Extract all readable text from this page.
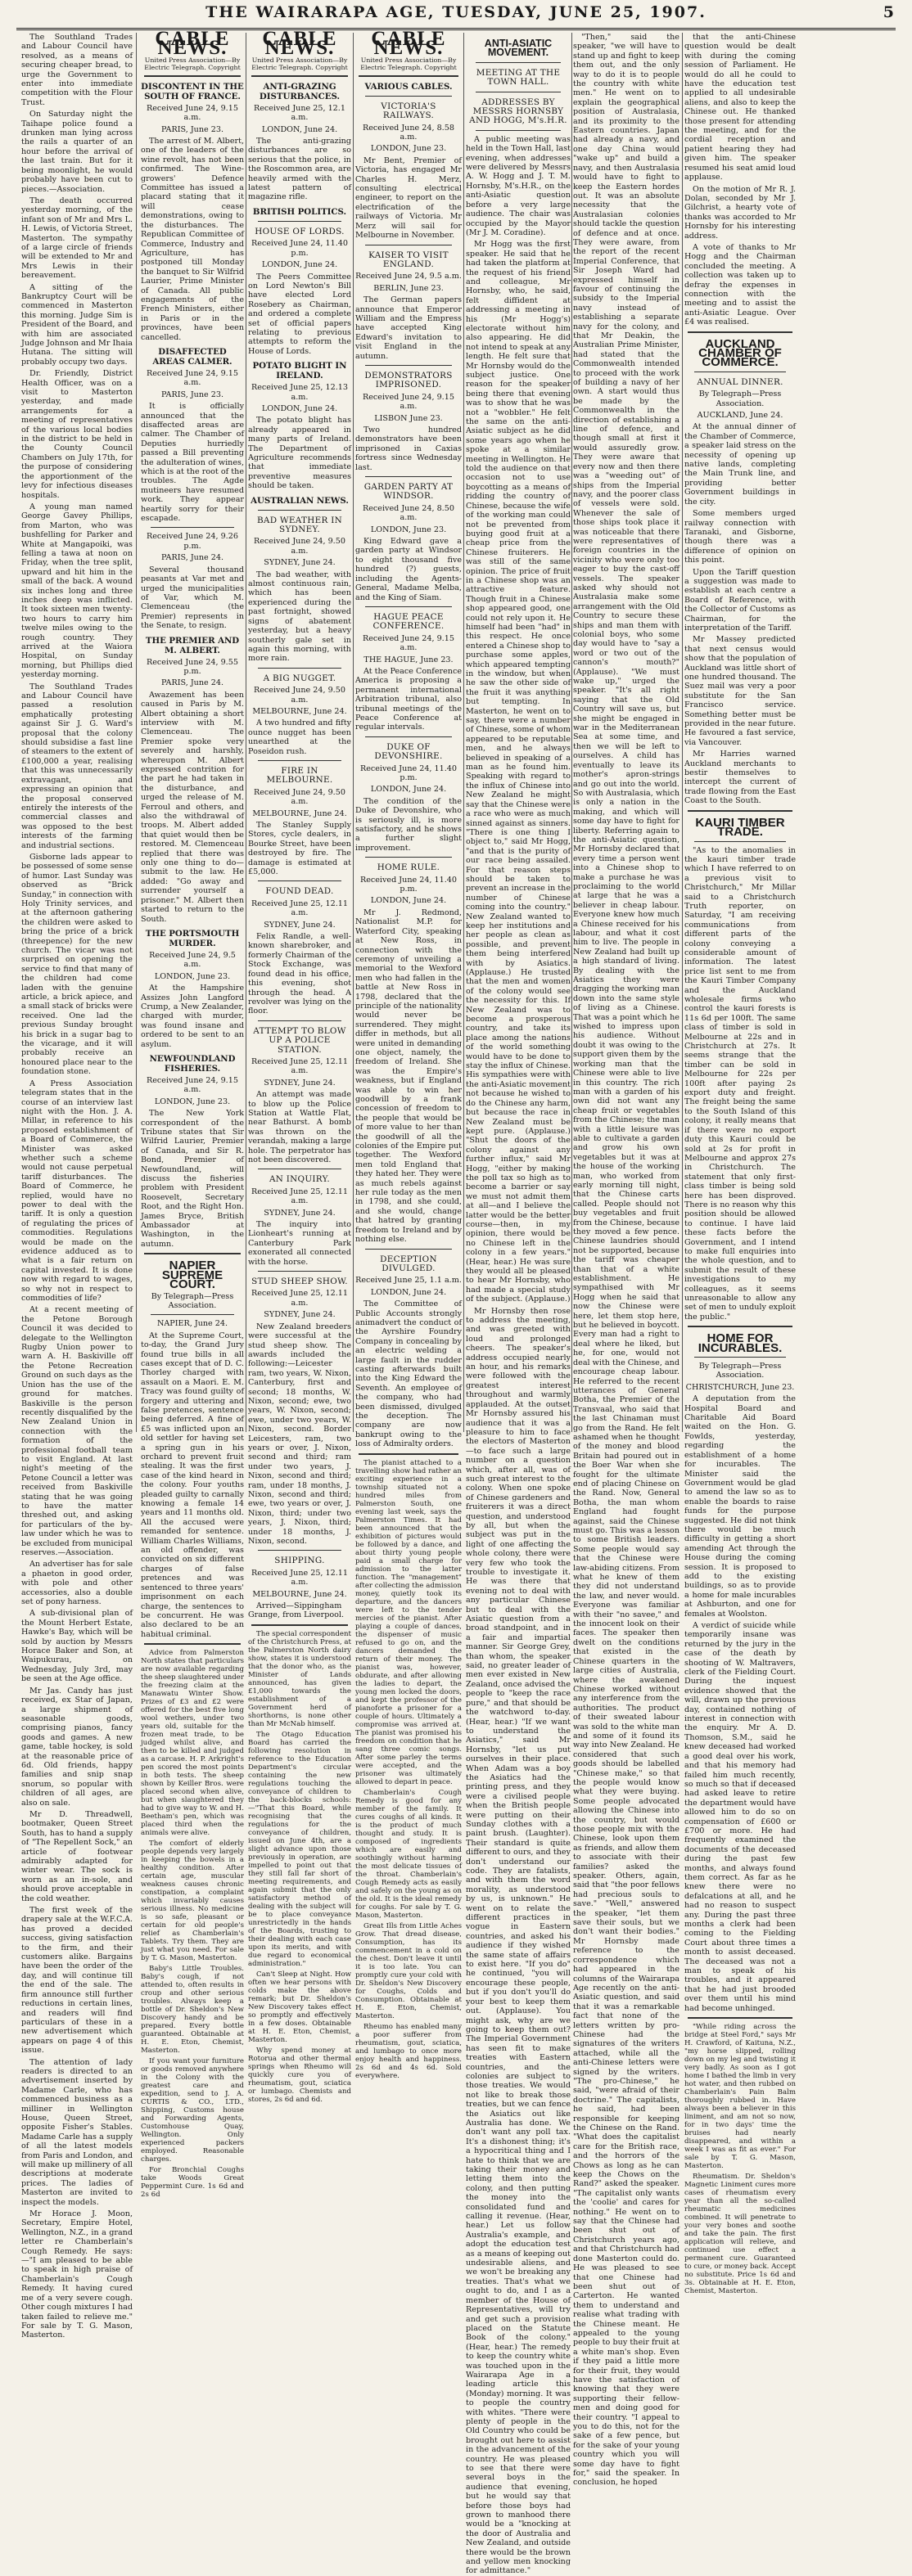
THE WAIRARAPA AGE, TUESDAY, JUNE 25, 1907.	5

The Southland Trades and Labour Council have resolved, as a means of securing cheaper bread, to urge the Government to enter into immediate competition with the Flour Trust.

On Saturday night the Taihape police found a drunken man lying across the rails a quarter of an hour before the arrival of the last train. But for it being moonlight, he would probably have been cut to pieces.—Association.

The death occurred yesterday morning, of the infant son of Mr and Mrs L. H. Lewis, of Victoria Street, Masterton. The sympathy of a large circle of friends will be extended to Mr and Mrs Lewis in their bereavement.

A sitting of the Bankruptcy Court will be commenced in Masterton this morning. Judge Sim is President of the Board, and with him are associated Judge Johnson and Mr Ihaia Hutana. The sitting will probably occupy two days.

Dr. Friendly, District Health Officer, was on a visit to Masterton yesterday, and made arrangements for a meeting of representatives of the various local bodies in the district to be held in the County Council Chambers on July 17th, for the purpose of considering the apportionment of the levy for infectious diseases hospitals.

A young man named George Gavey Phillips, from Marton, who was bushfelling for Parker and White at Mangapoiki, was felling a tawa at noon on Friday, when the tree split, upward and hit him in the small of the back. A wound six inches long and three inches deep was inflicted. It took sixteen men twenty-two hours to carry him twelve miles owing to the rough country. They arrived at the Waiora Hospital, on Sunday morning, but Phillips died yesterday morning.

The Southland Trades and Labour Council have passed a resolution emphatically protesting against Sir J. G. Ward's proposal that the colony should subsidise a fast line of steamers to the extent of £100,000 a year, realising that this was unnecessarily extravagant, and expressing an opinion that the proposal conserved entirely the interests of the commercial classes and was opposed to the best interests of the farming and industrial sections.

Gisborne lads appear to be possessed of some sense of humor. Last Sunday was observed as "Brick Sunday," in connection with Holy Trinity services, and at the afternoon gathering the children were asked to bring the price of a brick (threepence) for the new church. The vicar was not surprised on opening the service to find that many of the children had come laden with the genuine article, a brick apiece, and a small stack of bricks were received. One lad the previous Sunday brought his brick in a sugar bag to the vicarage, and it will probably receive an honoured place near to the foundation stone.

A Press Association telegram states that in the course of an interview last night with the Hon. J. A. Millar, in reference to his proposed establishment of a Board of Commerce, the Minister was asked whether such a scheme would not cause perpetual tariff disturbances. The Board of Commerce, he replied, would have no power to deal with the tariff. It is only a question of regulating the prices of commodities. Regulations would be made on the evidence adduced as to what is a fair return on capital invested. It is done now with regard to wages, so why not in respect to commodities of life?

At a recent meeting of the Petone Borough Council it was decided to delegate to the Wellington Rugby Union power to warn A. H. Baskiville off the Petone Recreation Ground on such days as the Union has the use of the ground for matches. Baskiville is the person recently disqualified by the New Zealand Union in connection with the formation of the professional football team to visit England. At last night's meeting of the Petone Council a letter was received from Baskiville stating that he was going to have the matter threshed out, and asking for particulars of the by-law under which he was to be excluded from municipal reserves.—Association.

An advertiser has for sale a phaeton in good order, with pole and other accessories, also a double set of pony harness.

A sub-divisional plan of the Mount Herbert Estate, Hawke's Bay, which will be sold by auction by Messrs Horace Baker and Son, at Waipukurau, on Wednesday, July 3rd, may be seen at the Age office.

Mr Jas. Candy has just received, ex Star of Japan, a large shipment of seasonable goods, comprising pianos, fancy goods and games. A new game, table hockey, is sold at the reasonable price of 6d. Old friends, happy families and snip snap snorum, so popular with children of all ages, are also on sale.

Mr D. Threadwell, bootmaker, Queen Street South, has to hand a supply of "The Repellent Sock," an article of footwear admirably adapted for winter wear. The sock is worn as an in-sole, and should prove acceptable in the cold weather.

The first week of the drapery sale at the W.F.C.A. has proved a decided success, giving satisfaction to the firm, and their customers alike. Bargains have been the order of the day, and will continue till the end of the sale. The firm announce still further reductions in certain lines, and readers will find particulars of these in a new advertisement which appears on page 4 of this issue.

The attention of lady readers is directed to an advertisement inserted by Madame Carle, who has commenced business as a milliner in Wellington House, Queen Street, opposite Fisher's Stables. Madame Carle has a supply of all the latest models from Paris and London, and will make up millinery of all descriptions at moderate prices. The ladies of Masterton are invited to inspect the models.

Mr Horace J. Moon, Secretary, Empire Hotel, Wellington, N.Z., in a grand letter re Chamberlain's Cough Remedy. He says:—"I am pleased to be able to speak in high praise of Chamberlain's Cough Remedy. It having cured me of a very severe cough. Other cough mixtures I had taken failed to relieve me." For sale by T. G. Mason, Masterton.

CABLE NEWS.
United Press Association—By Electric Telegraph. Copyright
DISCONTENT IN THE SOUTH OF FRANCE.
Received June 24, 9.15 a.m.
PARIS, June 23.

The arrest of M. Albert, one of the leaders of the wine revolt, has not been confirmed. The Wine-growers' Defence Committee has issued a placard stating that it will cease demonstrations, owing to the disturbances. The Republican Committee of Commerce, Industry and Agriculture, has postponed till Monday the banquet to Sir Wilfrid Laurier, Prime Minister of Canada. All public engagements of the French Ministers, either in Paris or in the provinces, have been cancelled.

DISAFFECTED AREAS CALMER.
Received June 24, 9.15 a.m.
PARIS, June 23.

It is officially announced that the disaffected areas are calmer. The Chamber of Deputies hurriedly passed a Bill preventing the adulteration of wines, which is at the root of the troubles. The Agde mutineers have resumed work. They appear heartily sorry for their escapade.

Received June 24, 9.26 p.m.
PARIS, June 24.

Several thousand peasants at Var met and urged the municipalities of Var, which M. Clemenceau (the Premier) represents in the Senate, to resign.

THE PREMIER AND M. ALBERT.
Received June 24, 9.55 p.m.
PARIS, June 24.

Awazement has been caused in Paris by M. Albert obtaining a short interview with M. Clemenceau. The Premier spoke very severely and harshly, whereupon M. Albert expressed contrition for the part he had taken in the disturbance, and urged the release of M. Ferroul and others, and also the withdrawal of troops. M. Albert added that quiet would then be restored. M. Clemenceau replied that there was only one thing to do—submit to the law. He added: "Go away and surrender yourself a prisoner." M. Albert then started to return to the South.

THE PORTSMOUTH MURDER.
Received June 24, 9.5 a.m.
LONDON, June 23.

At the Hampshire Assizes John Langford Crump, a New Zealander, charged with murder, was found insane and ordered to be sent to an asylum.

NEWFOUNDLAND FISHERIES.
Received June 24, 9.15 a.m.
LONDON, June 23.

The New York correspondent of the Tribune states that Sir Wilfrid Laurier, Premier of Canada, and Sir R. Bond, Premier of Newfoundland, will discuss the fisheries problem with President Roosevelt, Secretary Root, and the Right Hon. James Bryce, British Ambassador at Washington, in the autumn.

NAPIER SUPREME COURT.
By Telegraph—Press Association.
NAPIER, June 24.

At the Supreme Court, to-day, the Grand Jury found true bills in all cases except that of D. C. Thorley charged with assault on a Maori. E. M. Tracy was found guilty of forgery and uttering and false pretences, sentence being deferred. A fine of £5 was inflicted upon an old settler for having set a spring gun in his orchard to prevent fruit stealing. It was the first case of the kind heard in the colony. Four youths pleaded guilty to carnally knowing a female 14 years and 11 months old. All the accused were remanded for sentence. William Charles Williams, an old offender, was convicted on six different charges of false pretences and was sentenced to three years' imprisonment on each charge, the sentences to be concurrent. He was also declared to be an habitual criminal.

Advice from Palmerston North states that particulars are now available regarding the sheep slaughtered under the freezing claim at the Manawatu Winter Show. Prizes of £3 and £2 were offered for the best five long wool wethers, under two years old, suitable for the frozen meat trade, to be judged whilst alive, and then to be killed and judged as a carcase. H. P. Arkright's pen scored the most points in both tests. The sheep shown by Keiller Bros. were placed second when alive, but when slaughtered they had to give way to W. and H. Beetham's pen, which was placed third when the animals were alive.

The comfort of elderly people depends very largely in keeping the bowels in a healthy condition. After certain age, muscular weakness causes chronic constipation, a complaint which invariably causes serious illness. No medicine is so safe, pleasant or certain for old people's relief as Chamberlain's Tablets. Try them. They are just what you need. For sale by T. G. Mason, Masterton.

Baby's Little Troubles. Baby's cough, if not attended to, often results in croup and other serious troubles. Always keep a bottle of Dr. Sheldon's New Discovery handy and be prepared. Every bottle guaranteed. Obtainable at H. E. Eton, Chemist, Masterton.

If you want your furniture or goods removed anywhere in the Colony with the greatest care and expedition, send to J. A. CURTIS & CO., LTD., Shipping, Customs house and Forwarding Agents, Customhouse Quay, Wellington. Only experienced packers employed. Reasonable charges.

For Bronchial Coughs take Woods Great Peppermint Cure. 1s 6d and 2s 6d

CABLE NEWS.
United Press Association—By Electric Telegraph. Copyright
ANTI-GRAZING DISTURBANCES.
Received June 25, 12.1 a.m.
LONDON, June 24.

The anti-grazing disturbances are so serious that the police, in the Roscommon area, are heavily armed with the latest pattern of magazine rifle.

BRITISH POLITICS.
HOUSE OF LORDS.
Received June 24, 11.40 p.m.
LONDON, June 24.

The Peers Committee on Lord Newton's Bill have elected Lord Rosebery as Chairman, and ordered a complete set of official papers relating to previous attempts to reform the House of Lords.

POTATO BLIGHT IN IRELAND.
Received June 25, 12.13 a.m.
LONDON, June 24.

The potato blight has already appeared in many parts of Ireland. The Department of Agriculture recommends that immediate preventive measures should be taken.

AUSTRALIAN NEWS.
BAD WEATHER IN SYDNEY.
Received June 24, 9.50 a.m.
SYDNEY, June 24.

The bad weather, with almost continuous rain, which has been experienced during the past fortnight, showed signs of abatement yesterday, but a heavy southerly gale set in again this morning, with more rain.

A BIG NUGGET.
Received June 24, 9.50 a.m.
MELBOURNE, June 24.

A two hundred and fifty ounce nugget has been unearthed at the Poseidon rush.

FIRE IN MELBOURNE.
Received June 24, 9.50 a.m.
MELBOURNE, June 24.

The Stanley Supply Stores, cycle dealers, in Bourke Street, have been destroyed by fire. The damage is estimated at £5,000.

FOUND DEAD.
Received June 25, 12.11 a.m.
SYDNEY, June 24.

Felix Randle, a well-known sharebroker, and formerly Chairman of the Stock Exchange, was found dead in his office, this evening, shot through the head. A revolver was lying on the floor.

ATTEMPT TO BLOW UP A POLICE STATION.
Received June 25, 12.11 a.m.
SYDNEY, June 24.

An attempt was made to blow up the Police Station at Wattle Flat, near Bathurst. A bomb was thrown on the verandah, making a large hole. The perpetrator has not been discovered.

AN INQUIRY.
Received June 25, 12.11 a.m.
SYDNEY, June 24.

The inquiry into Lionheart's running at Canterbury Park exonerated all connected with the horse.

STUD SHEEP SHOW.
Received June 25, 12.11 a.m.
SYDNEY, June 24.

New Zealand breeders were successful at the stud sheep show. The awards included the following:—Leicester ram, two years, W. Nixon, Canterbury, first and second; 18 months, W. Nixon, second; ewe, two years, W. Nixon, second; ewe, under two years, W. Nixon, second. Border Leicesters, ram, two years or over, J. Nixon, second and third; ram under two years, J. Nixon, second and third; ram, under 18 months, J. Nixon, second and third; ewe, two years or over, J. Nixon, third; under two years, J. Nixon, third; under 18 months, J. Nixon, second.

SHIPPING.
Received June 25, 12.11 a.m.
MELBOURNE, June 24.

Arrived—Sippingham Grange, from Liverpool.

The special correspondent of the Christchurch Press, at the Palmerston North dairy show, states it is understood that the donor who, as the Minister of Lands announced, has given £1,000 towards the establishment of a Government herd of shorthorns, is none other than Mr McNab himself.

The Otago Education Board has carried the following resolution in reference to the Education Department's circular containing the new regulations touching the conveyance of children to the back-blocks schools:—"That this Board, while recognising that the regulations for the conveyance of children, issued on June 4th, are a slight advance upon those previously in operation, are impelled to point out that they still fall far short of meeting requirements, and again submit that the only satisfactory method of dealing with the subject will be to place conveyance unrestrictedly in the hands of the Boards, trusting to their dealing with each case upon its merits, and with due regard to economical administration."

Can't Sleep at Night. How often we hear persons with colds make the above remark; but Dr. Sheldon's New Discovery takes effect so promptly and effectively in a few doses. Obtainable at H. E. Eton, Chemist, Masterton.

Why spend money at Rotorua and other thermal springs when Rheumo will quickly cure you of rheumatism, gout, sciatica or lumbago. Chemists and stores, 2s 6d and 6d.

CABLE NEWS.
United Press Association—By Electric Telegraph. Copyright
VARIOUS CABLES.
VICTORIA'S RAILWAYS.
Received June 24, 8.58 a.m.
LONDON, June 23.

Mr Bent, Premier of Victoria, has engaged Mr Charles H. Merz, consulting electrical engineer, to report on the electrification of the railways of Victoria. Mr Merz will sail for Melbourne in November.

KAISER TO VISIT ENGLAND.
Received June 24, 9.5 a.m.
BERLIN, June 23.

The German papers announce that Emperor William and the Empress have accepted King Edward's invitation to visit England in the autumn.

DEMONSTRATORS IMPRISONED.
Received June 24, 9.15 a.m.
LISBON June 23.

Two hundred demonstrators have been imprisoned in Caxias fortress since Wednesday last.

GARDEN PARTY AT WINDSOR.
Received June 24, 8.50 a.m.
LONDON, June 23.

King Edward gave a garden party at Windsor to eight thousand five hundred (?) guests, including the Agents-General, Madame Melba, and the King of Siam.

HAGUE PEACE CONFERENCE.
Received June 24, 9.15 a.m.
THE HAGUE, June 23.

At the Peace Conference America is proposing a permanent international Arbitration tribunal, also tribunal meetings of the Peace Conference at regular intervals.

DUKE OF DEVONSHIRE.
Received June 24, 11.40 p.m.
LONDON, June 24.

The condition of the Duke of Devonshire, who is seriously ill, is more satisfactory, and he shows a further slight improvement.

HOME RULE.
Received June 24, 11.40 p.m.
LONDON, June 24.

Mr J. Redmond, Nationalist M.P. for Waterford City, speaking at New Ross, in connection with the ceremony of unveiling a memorial to the Wexford men who had fallen in the battle at New Ross in 1798, declared that the principle of the nationality would never be surrendered. They might differ in methods, but all were united in demanding one object, namely, the freedom of Ireland. She was the Empire's weakness, but if England was able to win her goodwill by a frank concession of freedom to the people that would be of more value to her than the goodwill of all the colonies of the Empire put together. The Wexford men told England that they hated her. They were as much rebels against her rule today as the men in 1798, and she could, and she would, change that hatred by granting freedom to Ireland and by nothing else.

DECEPTION DIVULGED.
Received June 25, 1.1 a.m.
LONDON, June 24.

The Committee of Public Accounts strongly animadvert the conduct of the Ayrshire Foundry Company in concealing by an electric welding a large fault in the rudder casting afterwards built into the King Edward the Seventh. An employee of the company, who had been dismissed, divulged the deception. The company are now bankrupt owing to the loss of Admiralty orders.

The pianist attached to a travelling show had rather an exciting experience in a township situated not a hundred miles from Palmerston South, one evening last week, says the Palmerston Times. It had been announced that the exhibition of pictures would be followed by a dance, and about thirty young people paid a small charge for admission to the latter function. The "management" after collecting the admission money, quietly took its departure, and the dancers were left to the tender mercies of the pianist. After playing a couple of dances, the dispenser of music refused to go on, and the dancers demanded the return of their money. The pianist was, however, obdurate, and after allowing the ladies to depart, the young men locked the doors, and kept the professor of the pianoforte a prisoner for a couple of hours. Ultimately a compromise was arrived at. The pianist was promised his freedom on condition that he sang three comic songs. After some parley the terms were accepted, and the prisoner was ultimately allowed to depart in peace.

Chamberlain's Cough Remedy is good for any member of the family. It cures coughs of all kinds. It is the product of much thought and study. It is composed of ingredients which are easily and soothingly without harming the most delicate tissues of the throat. Chamberlain's Cough Remedy acts as easily and safely on the young as on the old. It is the ideal remedy for coughs. For sale by T. G. Mason, Masterton.

Great Ills from Little Aches Grow. That dread disease, Consumption, has its commencement in a cold on the chest. Don't leave it until it is too late. You can promptly cure your cold with Dr. Sheldon's New Discovery for Coughs, Colds and Consumption. Obtainable at H. E. Eton, Chemist, Masterton.

Rheumo has enabled many a poor sufferer from rheumatism, gout, sciatica, and lumbago to once more enjoy health and happiness. 2s 6d and 4s 6d. Sold everywhere.

ANTI-ASIATIC MOVEMENT.
MEETING AT THE TOWN HALL.
ADDRESSES BY MESSRS HORNSBY AND HOGG, M's.H.R.

A public meeting was held in the Town Hall, last evening, when addresses were delivered by Messrs A. W. Hogg and J. T. M. Hornsby, M's.H.R., on the anti-Asiatic question before a very large audience. The chair was occupied by the Mayor (Mr J. M. Coradine).

Mr Hogg was the first speaker. He said that he had taken the platform at the request of his friend and colleague, Mr Hornsby, who, he said, felt diffident at addressing a meeting in his (Mr Hogg's) electorate without him also appearing. He did not intend to speak at any length. He felt sure that Mr Hornsby would do the subject justice. One reason for the speaker being there that evening was to show that he was not a "wobbler." He felt the same on the anti-Asiatic subject as he did some years ago when he spoke at a similar meeting in Wellington. He told the audience on that occasion not to use boycotting as a means of ridding the country of Chinese, because the wife of the working man could not be prevented from buying good fruit at a cheap price from the Chinese fruiterers. He was still of the same opinion. The price of fruit in a Chinese shop was an attractive feature. Though fruit in a Chinese shop appeared good, one could not rely upon it. He himself had been "had" in this respect. He once entered a Chinese shop to purchase some apples, which appeared tempting in the window, but when he saw the other side of the fruit it was anything but tempting. In Masterton, he went on to say, there were a number of Chinese, some of whom appeared to be reputable men, and he always believed in speaking of a man as he found him. Speaking with regard to the influx of Chinese into New Zealand he might say that the Chinese were a race who were as much sinned against as sinners. "There is one thing I object to," said Mr Hogg, "and that is the purity of our race being assailed. For that reason steps should be taken to prevent an increase in the number of Chinese coming into the country." New Zealand wanted to keep her institutions and her people as clean as possible, and prevent them being interfered with by Asiatics. (Applause.) He trusted that the men and women of the colony would see the necessity for this. If New Zealand was to become a prosperous country, and take its place among the nations of the world something would have to be done to stay the influx of Chinese. His sympathies were with the anti-Asiatic movement not because he wished to do the Chinese any harm, but because the race in New Zealand must be kept pure. (Applause.) "Shut the doors of the colony against any further influx," said Mr Hogg, "either by making the poll tax so high as to become a barrier or say we must not admit them at all—and I believe the latter would be the better course—then, in my opinion, there would be no Chinese left in the colony in a few years." (Hear, hear.) He was sure they would all be pleased to hear Mr Hornsby, who had made a special study of the subject. (Applause.)

Mr Hornsby then rose to address the meeting, and was greeted with loud and prolonged cheers. The speaker's address occupied nearly an hour, and his remarks were followed with the greatest interest throughout and warmly applauded. At the outset Mr Hornsby assured his audience that it was a pleasure to him to face the electors of Masterton—to face such a large number on a question which, after all, was of such great interest to the colony. When one spoke of Chinese gardeners and fruiterers it was a direct question, and understood by all, but when the subject was put in the light of one affecting the whole colony, there were very few who took the trouble to investigate it. He was there that evening not to deal with any particular Chinese but to deal with the Asiatic question from a broad standpoint, and in a fair and impartial manner. Sir George Grey, than whom, the speaker said, no greater leader of men ever existed in New Zealand, once advised the people to "keep the race pure," and that should be the watchword to-day. (Hear, hear.) "If we want to understand the Asiatics," said Mr Hornsby, "let us put ourselves in their place. When Adam was a boy the Asiatics had the printing press, and they were a civilised people when the British people were putting on their Sunday clothes with a paint brush. (Laughter). Their standard is quite different to ours, and they don't understand our code. They are fatalists, and with them the word morality, as understood by us, is unknown." He went on to relate the different practices in vogue in Eastern countries, and asked his audience if they wished the same state of affairs to exist here. "If you do" he continued, "you will encourage these people, but if you don't you'll do your best to keep them out. (Applause). You might ask, why are we going to keep them out? The Imperial Government has seen fit to make treaties with Eastern countries, and the colonies are subject to those treaties. We would not like to break those treaties, but we can fence the Asiatics out like Australia has done. We don't want any poll tax. It's a dishonest thing; it's a hypocritical thing and I hate to think that we are taking their money and letting them into the colony, and then putting the money into the consolidated fund and calling it revenue. (Hear, hear.) Let us follow Australia's example, and adopt the education test as a means of keeping out undesirable aliens, and we won't be breaking any treaties. That's what we ought to do, and I as a member of the House of Representatives, will try and get such a provision placed on the Statute Book of the colony." (Hear, hear.) The remedy to keep the country white was touched upon in the Wairarapa Age in a leading article this (Monday) morning. It was to people the country with whites. "There were plenty of people in the Old Country who could be brought out here to assist in the advancement of the country. He was pleased to see that there were several boys in the audience that evening, but he would say that before those boys had grown to manhood there would be a "knocking at the door of Australia and New Zealand, and outside there would be the brown and yellow men knocking for admittance."

"Then," said the speaker, "we will have to stand up and fight to keep them out, and the only way to do it is to people the country with white men." He went on to explain the geographical position of Australasia, and its proximity to the Eastern countries. Japan had already a navy, and one day China would "wake up" and build a navy, and then Australasia would have to fight to keep the Eastern hordes out. It was an absolute necessity that the Australasian colonies should tackle the question of defence and at once. They were aware, from the report of the recent Imperial Conference, that Sir Joseph Ward had expressed himself in favour of continuing the subsidy to the Imperial navy instead of establishing a separate navy for the colony, and that Mr Deakin, the Australian Prime Minister, had stated that the Commonwealth intended to proceed with the work of building a navy of her own. A start would thus be made by the Commonwealth in the direction of establishing a line of defence, and though small at first it would assuredly grow. They were aware that every now and then there was a "weeding out" of ships from the Imperial navy, and the poorer class of vessels were sold. Whenever the sale of those ships took place it was noticeable that there were representatives of foreign countries in the vicinity who were only too eager to buy the cast-off vessels. The speaker asked why should not Australasia make some arrangement with the Old Country to secure these ships and man them with colonial boys, who some day would have to "say a word or two out of the cannon's mouth?" (Applause). "We must wake up," urged the speaker. "It's all right saying that the Old Country will save us, but she might be engaged in war in the Mediterranean Sea at some time, and then we will be left to ourselves. A child has eventually to leave its mother's apron-strings and go out into the world. So with Australasia, which is only a nation in the making, and which will some day have to fight for liberty. Referring again to the anti-Asiatic question, Mr Hornsby declared that every time a person went into a Chinese shop to make a purchase he was proclaiming to the world at large that he was a believer in cheap labour. Everyone knew how much a Chinese received for his labour, and what it cost him to live. The people in New Zealand had built up a high standard of living. By dealing with the Asiatics they were dragging the working man down into the same style of living as a Chinese. That was a point which he wished to impress upon his audience. Without doubt it was owing to the support given them by the working man that the Chinese were able to live in this country. The rich man with a garden of his own did not want any cheap fruit or vegetables from the Chinese; the man with a little leisure was able to cultivate a garden and grow his own vegetables but it was at the house of the working man, who worked from early morning till night, that the Chinese carts called. People should not buy vegetables and fruit from the Chinese, because they moved a few pence. Chinese laundries should not be supported, because the tariff was cheaper than that of a white establishment. He sympathised with Mr Hogg when he said that now the Chinese were here, let them stop here, but he believed in boycott. Every man had a right to deal where he liked, but he, for one, would not deal with the Chinese, and encourage cheap labour. He referred to the recent utterances of General Botha, the Premier of the Transvaal, who said that the last Chinaman must go from the Rand. He felt ashamed when he thought of the money and blood Britain had poured out in the Boer War when she fought for the ultimate end of placing Chinese on the Rand. Now, General Botha, the man whom England had fought against, said the Chinese must go. This was a lesson to some British leaders. Some people would say that the Chinese were law-abiding citizens. From what he knew of them they did not understand the law, and never would. Everyone was familiar with their "no savee," and the innocent look on their faces. The speaker then dwelt on the conditions that existed in the Chinese quarters in the large cities of Australia, where the awakened Chinese worked without any interference from the authorities. The product of their sweated labour was sold to the white man and some of it found its way into New Zealand. He considered that such goods should be labelled "Chinese make," so that the people would know what they were buying. Some people advocated allowing the Chinese into the country, but would those people mix with the Chinese, look upon them as friends, and allow them to associate with their families? asked the speaker. Others, again, said that "the poor fellows had precious souls to save." "Well," answered the speaker, "let them save their souls, but we don't want their bodies." Mr Hornsby made reference to the correspondence which had appeared in the columns of the Wairarapa Age recently on the anti-Asiatic question, and said that it was a remarkable fact that none of the letters written by pro-Chinese had the signatures of the writers attached, while all the anti-Chinese letters were signed by the writers. "The pro-Chinese," he said, "were afraid of their doctrine." The capitalists, he said, had been responsible for keeping the Chinese on the Rand. "What does the capitalist care for the British race, and the horrors of the Chows as long as he can keep the Chows on the Rand?" asked the speaker. "The capitalist only wants the 'coolie' and cares for nothing." He went on to say that the Chinese had been shut out of Christchurch years ago, and that Christchurch had done Masterton could do. He was pleased to see that one Chinese had been shut out of Carterton. He wanted them to understand and realise what trading with the Chinese meant. He appealed to the young people to buy their fruit at a white man's shop. Even if they paid a little more for their fruit, they would have the satisfaction of knowing that they were supporting their fellow-men and doing good for their country. "I appeal to you to do this, not for the sake of a few pence, but for the sake of your young country which you will some day have to fight for," said the speaker. In conclusion, he hoped

that the anti-Chinese question would be dealt with during the coming session of Parliament. He would do all he could to have the education test applied to all undesirable aliens, and also to keep the Chinese out. He thanked those present for attending the meeting, and for the cordial reception and patient hearing they had given him. The speaker resumed his seat amid loud applause.

On the motion of Mr R. J. Dolan, seconded by Mr J. Gilchrist, a hearty vote of thanks was accorded to Mr Hornsby for his interesting address.

A vote of thanks to Mr Hogg and the Chairman concluded the meeting. A collection was taken up to defray the expenses in connection with the meeting and to assist the anti-Asiatic League. Over £4 was realised.

AUCKLAND CHAMBER OF COMMERCE.
ANNUAL DINNER.
By Telegraph—Press Association.
AUCKLAND, June 24.

At the annual dinner of the Chamber of Commerce, a speaker laid stress on the necessity of opening up native lands, completing the Main Trunk line, and providing better Government buildings in the city.

Some members urged railway connection with Taranaki, and Gisborne, though there was a difference of opinion on this point.

Upon the Tariff question a suggestion was made to establish at each centre a Board of Reference, with the Collector of Customs as Chairman, for the interpretation of the Tariff.

Mr Massey predicted that next census would show that the population of Auckland was little short of one hundred thousand. The Suez mail was very a poor substitute for the San Francisco service. Something better must be provided in the near future. He favoured a fast service, via Vancouver.

Mr Harries warned Auckland merchants to bestir themselves to intercept the current of trade flowing from the East Coast to the South.

KAURI TIMBER TRADE.

"As to the anomalies in the kauri timber trade which I have referred to on a previous visit to Christchurch," Mr Millar said to a Christchurch Truth reporter, on Saturday, "I am receiving communications from different parts of the colony conveying a considerable amount of information. The latest price list sent to me from the Kauri Timber Company and the Auckland wholesale firms who control the kauri forests is 11s 6d per 100ft. The same class of timber is sold in Melbourne at 22s and in Christchurch at 27s. It seems strange that the timber can be sold in Melbourne for 22s per 100ft after paying 2s export duty and freight. The freight being the same to the South Island of this colony, it really means that if there were no export duty this Kauri could be sold at 2s for profit in Melbourne and approx 27s in Christchurch. The statement that only first-class timber is being sold here has been disproved. There is no reason why this position should be allowed to continue. I have laid these facts before the Government, and I intend to make full enquiries into the whole question, and to submit the result of these investigations to my colleagues, as it seems unreasonable to allow any set of men to unduly exploit the public."

HOME FOR INCURABLES.
By Telegraph—Press Association.
CHRISTCHURCH, June 23.

A deputation from the Hospital Board and Charitable Aid Board waited on the Hon. G. Fowlds, yesterday, regarding the establishment of a home for incurables. The Minister said the Government would be glad to amend the law so as to enable the boards to raise funds for the purpose suggested. He did not think there would be much difficulty in getting a short amending Act through the House during the coming session. It is proposed to add to the existing buildings, so as to provide a home for male incurables at Ashburton, and one for females at Woolston.

A verdict of suicide while temporarily insane was returned by the jury in the case of the death by shooting of W. Maltravers, clerk of the Fielding Court. During the inquest evidence showed that the will, drawn up the previous day, contained nothing of interest in connection with the enquiry. Mr A. D. Thomson, S.M., said he knew deceased had worked a good deal over his work, and that his memory had failed him much recently, so much so that if deceased had asked leave to retire the department would have allowed him to do so on compensation of £600 or £700 or more. He had frequently examined the documents of the deceased during the past few months, and always found them correct. As far as he knew there were no defalcations at all, and he had no reason to suspect any. During the past three months a clerk had been coming to the Fielding Court about three times a month to assist deceased. The deceased was not a man to speak of his troubles, and it appeared that he had just brooded over them until his mind had become unhinged.

"While riding across the bridge at Steel Ford," says Mr H. Crawford, of Kaituna, N.Z., "my horse slipped, rolling down on my leg and twisting it very badly. As soon as I got home I bathed the limb in very hot water, and then rubbed on Chamberlain's Pain Balm thoroughly rubbed in. Have always been a believer in this liniment, and am not so now, for in two days' time the bruises had nearly disappeared, and within a week I was as fit as ever." For sale by T. G. Mason, Masterton.

Rheumatism. Dr. Sheldon's Magnetic Liniment cures more cases of rheumatism every year than all the so-called rheumatic medicines combined. It will penetrate to your very bones and soothe and take the pain. The first application will relieve, and continued use effect a permanent cure. Guaranteed to cure, or money back. Accept no substitute. Price 1s 6d and 3s. Obtainable at H. E. Eton, Chemist, Masterton.
